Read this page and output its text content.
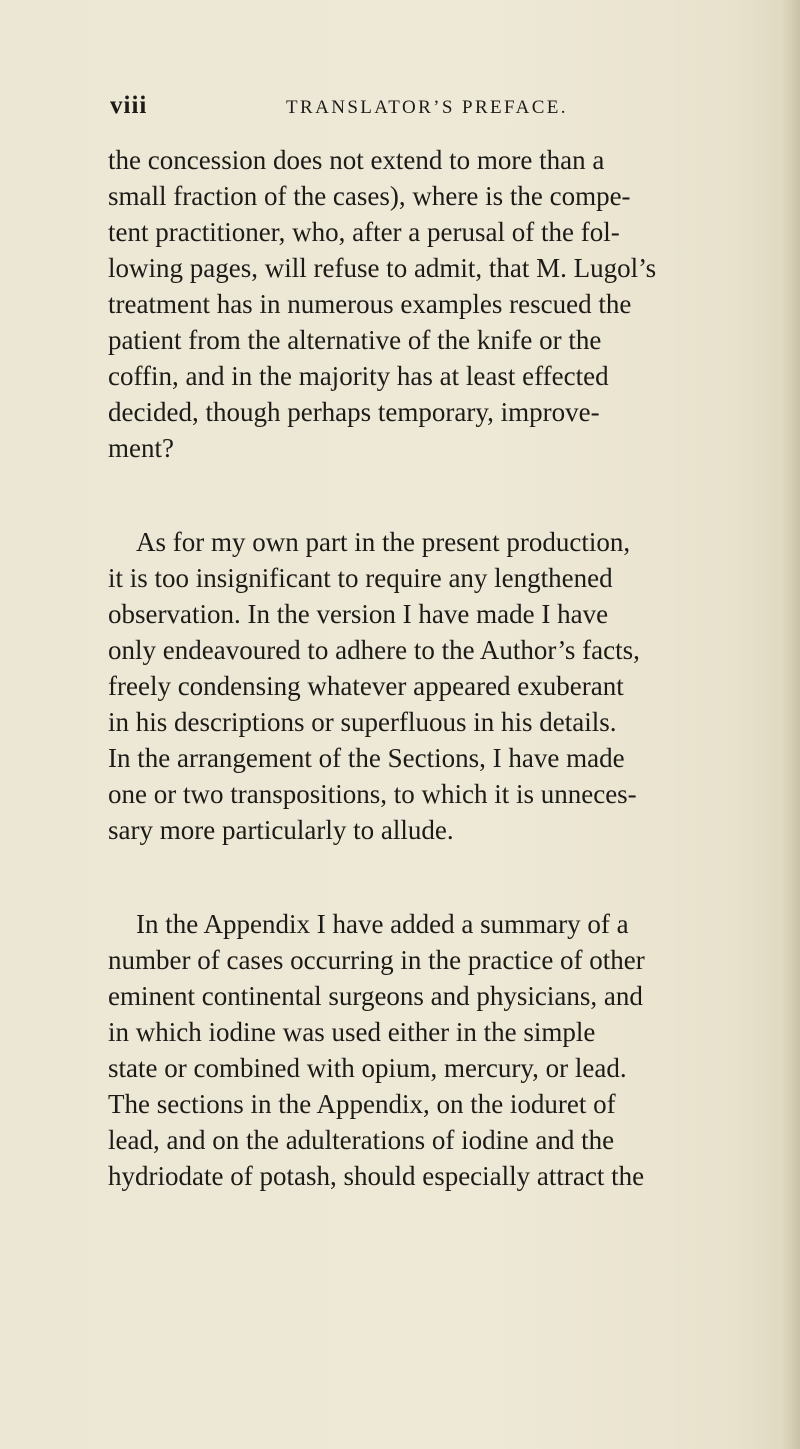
viii	TRANSLATOR’S PREFACE.
the concession does not extend to more than a
small fraction of the cases), where is the compe-
tent practitioner, who, after a perusal of the fol-
lowing pages, will refuse to admit, that M. Lugol’s
treatment has in numerous examples rescued the
patient from the alternative of the knife or the
coffin, and in the majority has at least effected
decided, though perhaps temporary, improve-
ment?
As for my own part in the present production,
it is too insignificant to require any lengthened
observation. In the version I have made I have
only endeavoured to adhere to the Author’s facts,
freely condensing whatever appeared exuberant
in his descriptions or superfluous in his details.
In the arrangement of the Sections, I have made
one or two transpositions, to which it is unneces-
sary more particularly to allude.
In the Appendix I have added a summary of a
number of cases occurring in the practice of other
eminent continental surgeons and physicians, and
in which iodine was used either in the simple
state or combined with opium, mercury, or lead.
The sections in the Appendix, on the ioduret of
lead, and on the adulterations of iodine and the
hydriodate of potash, should especially attract the
